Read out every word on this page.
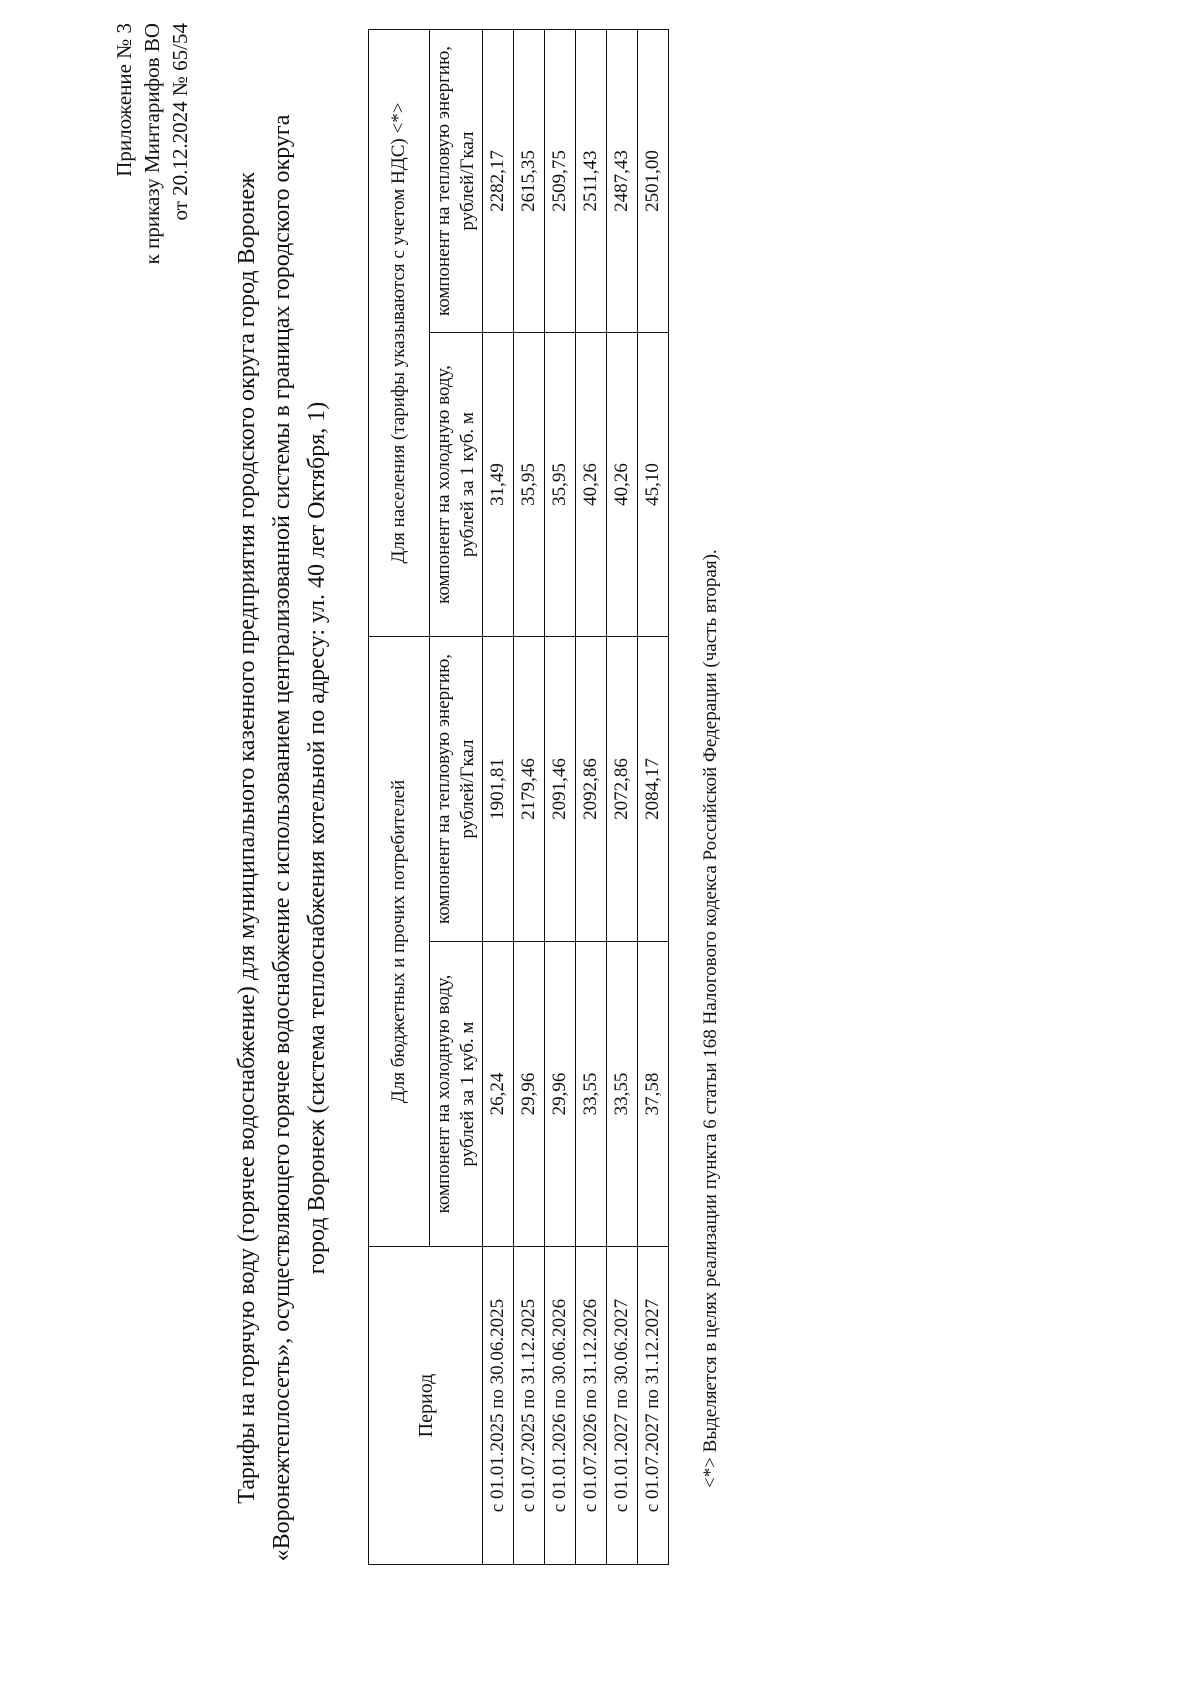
Приложение № 3 к приказу Минтарифов ВО от 20.12.2024 № 65/54
Тарифы на горячую воду (горячее водоснабжение) для муниципального казенного предприятия городского округа город Воронеж «Воронежтеплосеть», осуществляющего горячее водоснабжение с использованием централизованной системы в границах городского округа город Воронеж (система теплоснабжения котельной по адресу: ул. 40 лет Октября, 1)
Период	Для бюджетных и прочих потребителей		Для населения (тарифы указываются с учетом НДС) <*>	
	компонент на холодную воду, рублей за 1 куб. м	компонент на тепловую энергию, рублей/Гкал	компонент на холодную воду, рублей за 1 куб. м	компонент на тепловую энергию, рублей/Гкал
с 01.01.2025 по 30.06.2025	26,24	1901,81	31,49	2282,17
с 01.07.2025 по 31.12.2025	29,96	2179,46	35,95	2615,35
с 01.01.2026 по 30.06.2026	29,96	2091,46	35,95	2509,75
с 01.07.2026 по 31.12.2026	33,55	2092,86	40,26	2511,43
с 01.01.2027 по 30.06.2027	33,55	2072,86	40,26	2487,43
с 01.07.2027 по 31.12.2027	37,58	2084,17	45,10	2501,00
<*> Выделяется в целях реализации пункта 6 статьи 168 Налогового кодекса Российской Федерации (часть вторая).
